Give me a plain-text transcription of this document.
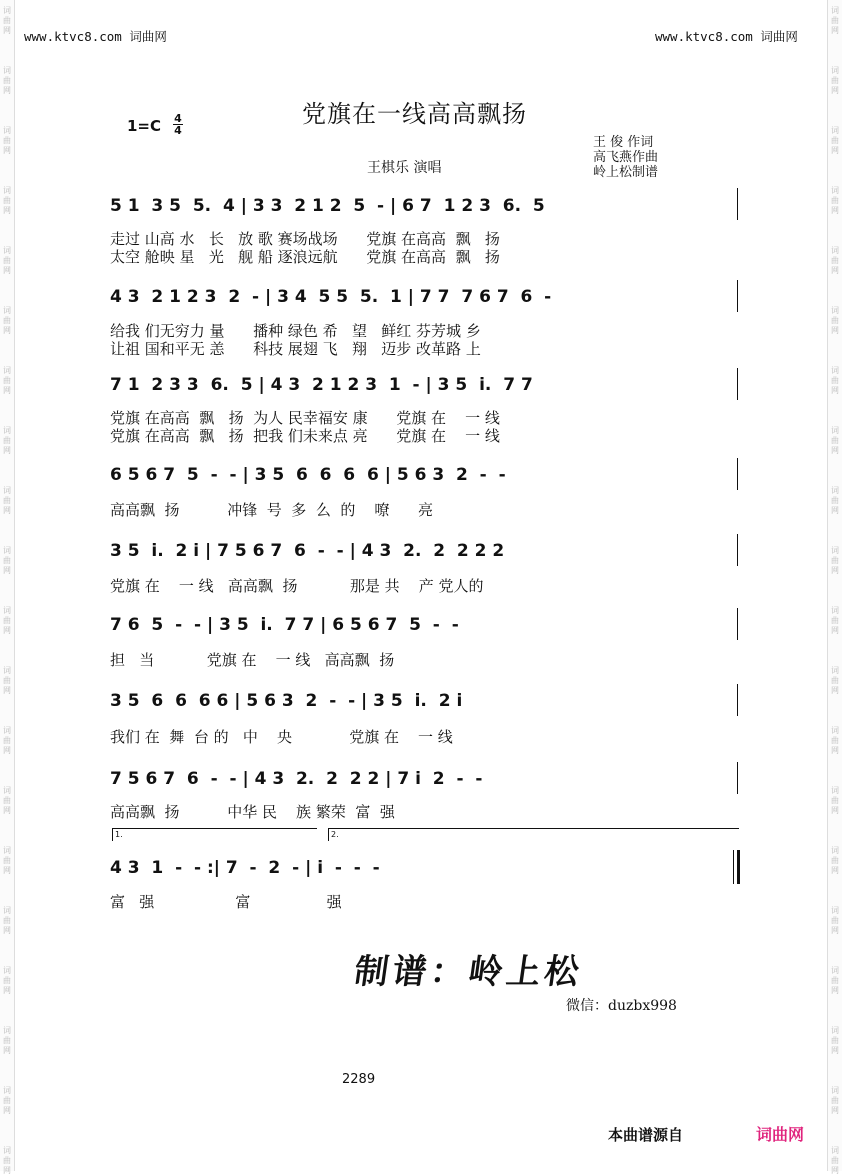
词
曲
网
词
曲
网
词
曲
网
词
曲
网
词
曲
网
词
曲
网
词
曲
网
词
曲
网
词
曲
网
词
曲
网
词
曲
网
词
曲
网
词
曲
网
词
曲
网
词
曲
网
词
曲
网
词
曲
网
词
曲
网
词
曲
网
词
曲
网
词
曲
网
词
曲
网
词
曲
网
词
曲
网
词
曲
网
词
曲
网
词
曲
网
词
曲
网
词
曲
网
词
曲
网
词
曲
网
词
曲
网
词
曲
网
词
曲
网
词
曲
网
词
曲
网
词
曲
网
词
曲
网
词
曲
网
词
曲
网
www.ktvc8.com 词曲网	www.ktvc8.com 词曲网
党旗在一线高高飘扬
1=C 4
4
王棋乐 演唱
王 俊 作词
高飞燕作曲
岭上松制谱
5 1  3 5  5.  4 | 3 3  2 1 2  5  - | 6 7  1 2 3  6.  5
走过 山高 水   长   放 歌 赛场战场      党旗 在高高  飘   扬
太空 舱映 星   光   舰 船 逐浪远航      党旗 在高高  飘   扬
4 3  2 1 2 3  2  - | 3 4  5 5  5.  1 | 7 7  7 6 7  6  -
给我 们无穷力 量      播种 绿色 希   望   鲜红 芬芳城 乡
让祖 国和平无 恙      科技 展翅 飞   翔   迈步 改革路 上
7 1  2 3 3  6.  5 | 4 3  2 1 2 3  1  - | 3 5  i.  7 7
党旗 在高高  飘   扬  为人 民幸福安 康      党旗 在    一 线
党旗 在高高  飘   扬  把我 们未来点 亮      党旗 在    一 线
6 5 6 7  5  -  - | 3 5  6  6  6  6 | 5 6 3  2  -  -
高高飘  扬          冲锋  号  多  么  的    嘹      亮
3 5  i.  2 i | 7 5 6 7  6  -  - | 4 3  2.  2  2 2 2
党旗 在    一 线   高高飘  扬           那是 共    产 党人的
7 6  5  -  - | 3 5  i.  7 7 | 6 5 6 7  5  -  -
担   当           党旗 在    一 线   高高飘  扬
3 5  6  6  6 6 | 5 6 3  2  -  - | 3 5  i.  2 i
我们 在  舞  台 的   中    央            党旗 在    一 线
7 5 6 7  6  -  - | 4 3  2.  2  2 2 | 7 i  2  -  -
高高飘  扬          中华 民    族 繁荣  富  强
1.	2.
4 3  1  -  - :| 7  -  2  - | i  -  -  -
富   强                 富                强
制谱：岭上松
微信：duzbx998
2289
本曲谱源自	词曲网
